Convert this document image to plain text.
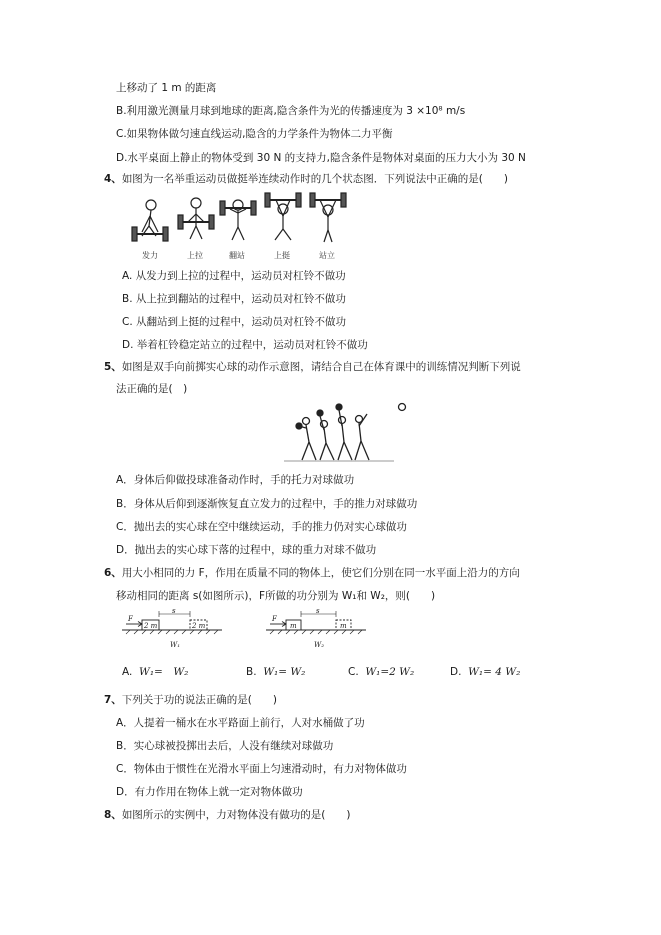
上移动了 1 m 的距离
B.利用激光测量月球到地球的距离,隐含条件为光的传播速度为 3 ×10⁸ m/s
C.如果物体做匀速直线运动,隐含的力学条件为物体二力平衡
D.水平桌面上静止的物体受到 30 N 的支持力,隐含条件是物体对桌面的压力大小为 30 N
4、如图为一名举重运动员做挺举连续动作时的几个状态图．下列说法中正确的是(　　)
发力	上拉	翻站	上挺	站立
A. 从发力到上拉的过程中，运动员对杠铃不做功
B. 从上拉到翻站的过程中，运动员对杠铃不做功
C. 从翻站到上挺的过程中，运动员对杠铃不做功
D. 举着杠铃稳定站立的过程中，运动员对杠铃不做功
5、如图是双手向前掷实心球的动作示意图，请结合自己在体育课中的训练情况判断下列说
法正确的是(　)
A．身体后仰做投球准备动作时，手的托力对球做功
B．身体从后仰到逐渐恢复直立发力的过程中，手的推力对球做功
C．抛出去的实心球在空中继续运动，手的推力仍对实心球做功
D．抛出去的实心球下落的过程中，球的重力对球不做功
6、用大小相同的力 F，作用在质量不同的物体上，使它们分别在同一水平面上沿力的方向
移动相同的距离 s(如图所示)，F所做的功分别为 W₁和 W₂，则(　　)
F
2 m	2 m
s
W₁
F
m	m
s
W₂
A. W₁=　W₂	B. W₁= W₂	C. W₁=2 W₂	D. W₁= 4 W₂
7、下列关于功的说法正确的是(　　)
A．人提着一桶水在水平路面上前行，人对水桶做了功
B．实心球被投掷出去后，人没有继续对球做功
C．物体由于惯性在光滑水平面上匀速滑动时，有力对物体做功
D．有力作用在物体上就一定对物体做功
8、如图所示的实例中，力对物体没有做功的是(　　)
